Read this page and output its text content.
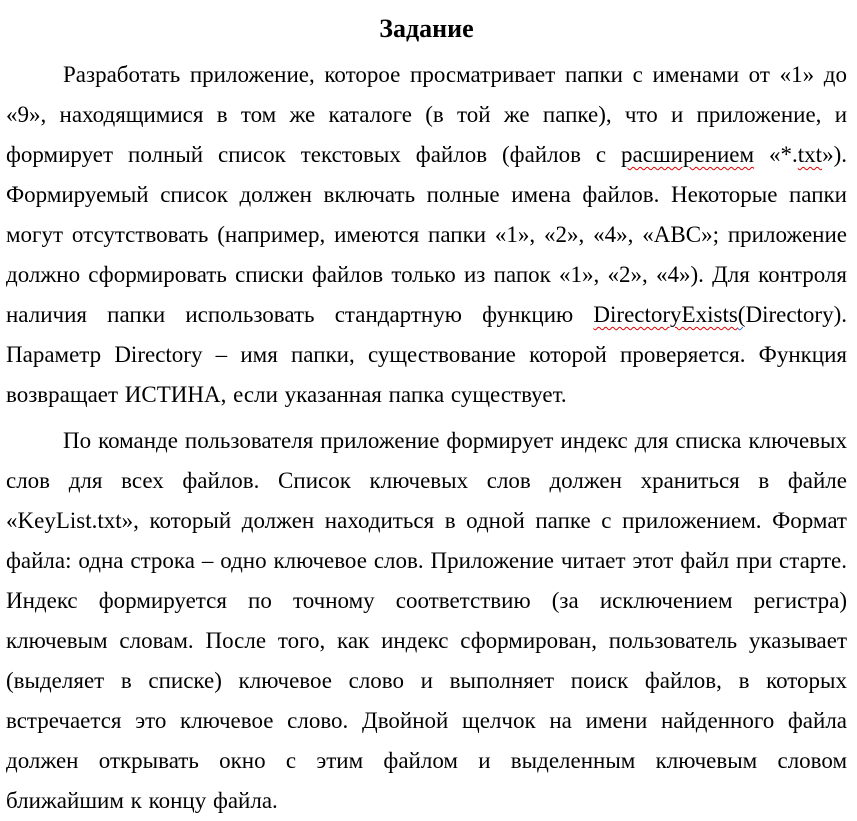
Задание

Разработать приложение, которое просматривает папки с именами от «1» до «9», находящимися в том же каталоге (в той же папке), что и приложение, и формирует полный список текстовых файлов (файлов с расширением «*.txt»). Формируемый список должен включать полные имена файлов. Некоторые папки могут отсутствовать (например, имеются папки «1», «2», «4», «ABC»; приложение должно сформировать списки файлов только из папок «1», «2», «4»). Для контроля наличия папки использовать стандартную функцию DirectoryExists(Directory). Параметр Directory – имя папки, существование которой проверяется. Функция возвращает ИСТИНА, если указанная папка существует.

По команде пользователя приложение формирует индекс для списка ключевых слов для всех файлов. Список ключевых слов должен храниться в файле «KeyList.txt», который должен находиться в одной папке с приложением. Формат файла: одна строка – одно ключевое слов. Приложение читает этот файл при старте. Индекс формируется по точному соответствию (за исключением регистра) ключевым словам. После того, как индекс сформирован, пользователь указывает (выделяет в списке) ключевое слово и выполняет поиск файлов, в которых встречается это ключевое слово. Двойной щелчок на имени найденного файла должен открывать окно с этим файлом и выделенным ключевым словом ближайшим к концу файла.
